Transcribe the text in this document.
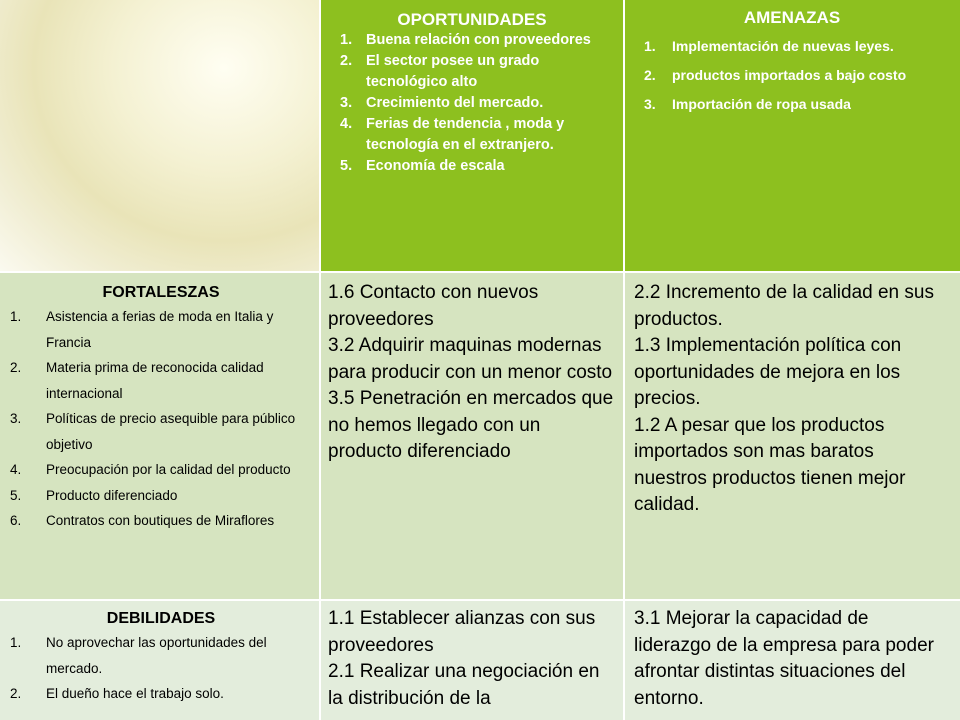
OPORTUNIDADES
1. Buena relación con proveedores
2. El sector posee un grado tecnológico alto
3. Crecimiento del mercado.
4. Ferias de tendencia , moda y tecnología en el extranjero.
5. Economía de escala
AMENAZAS
1. Implementación de nuevas leyes.
2. productos importados a bajo costo
3. Importación de ropa usada
FORTALESZAS
1. Asistencia a ferias de moda en Italia y Francia
2. Materia prima de reconocida calidad internacional
3. Políticas de precio asequible para público objetivo
4. Preocupación por la calidad del producto
5. Producto diferenciado
6. Contratos con boutiques de Miraflores

1.6 Contacto con nuevos proveedores

3.2 Adquirir maquinas modernas para producir con un menor costo

3.5 Penetración en mercados que no hemos llegado con un producto diferenciado

2.2 Incremento de la calidad en sus productos.

1.3 Implementación política con oportunidades de mejora en los precios.

1.2 A pesar que los productos importados son mas baratos nuestros productos tienen mejor calidad.

DEBILIDADES
1. No aprovechar las oportunidades del mercado.
2. El dueño hace el trabajo solo.

1.1 Establecer alianzas con sus proveedores

2.1 Realizar una negociación en la distribución de la

3.1 Mejorar la capacidad de liderazgo de la empresa para poder afrontar distintas situaciones del entorno.
